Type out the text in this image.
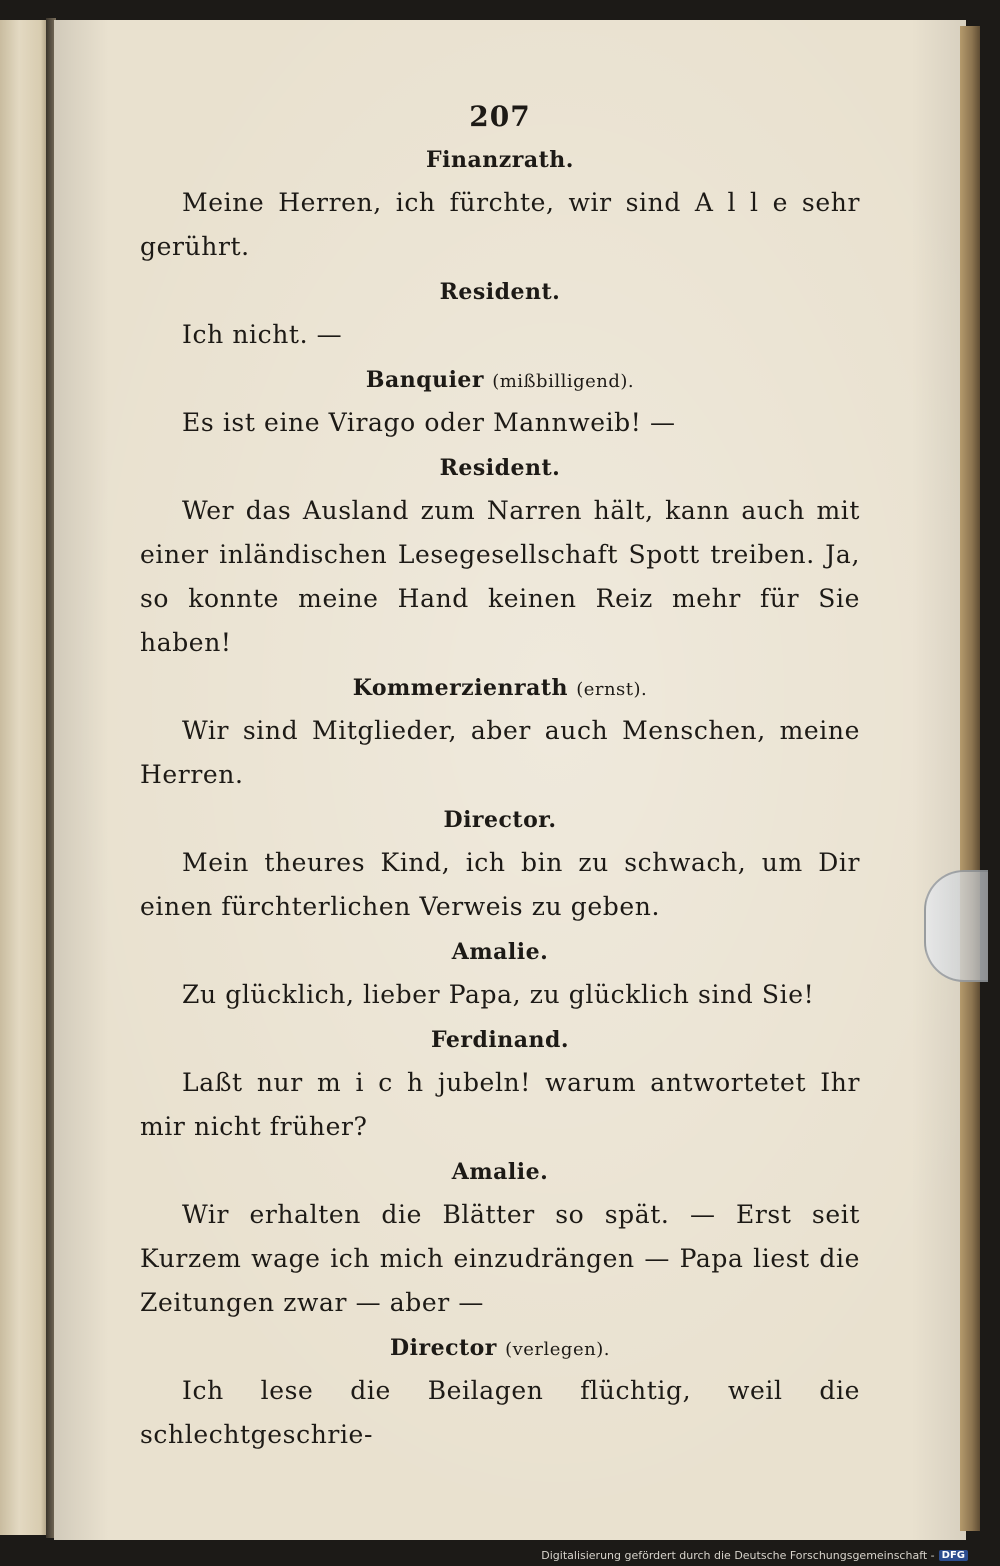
207
Finanzrath.
Meine Herren, ich fürchte, wir sind A l l e sehr gerührt.
Resident.
Ich nicht. —
Banquier (mißbilligend).
Es ist eine Virago oder Mannweib! —
Resident.
Wer das Ausland zum Narren hält, kann auch mit einer inländischen Lesegesellschaft Spott treiben. Ja, so konnte meine Hand keinen Reiz mehr für Sie haben!
Kommerzienrath (ernst).
Wir sind Mitglieder, aber auch Menschen, meine Herren.
Director.
Mein theures Kind, ich bin zu schwach, um Dir einen fürchterlichen Verweis zu geben.
Amalie.
Zu glücklich, lieber Papa, zu glücklich sind Sie!
Ferdinand.
Laßt nur m i c h jubeln! warum antwortetet Ihr mir nicht früher?
Amalie.
Wir erhalten die Blätter so spät. — Erst seit Kurzem wage ich mich einzudrängen — Papa liest die Zeitungen zwar — aber —
Director (verlegen).
Ich lese die Beilagen flüchtig, weil die schlechtgeschrie-
Digitalisierung gefördert durch die Deutsche Forschungsgemeinschaft - DFG
